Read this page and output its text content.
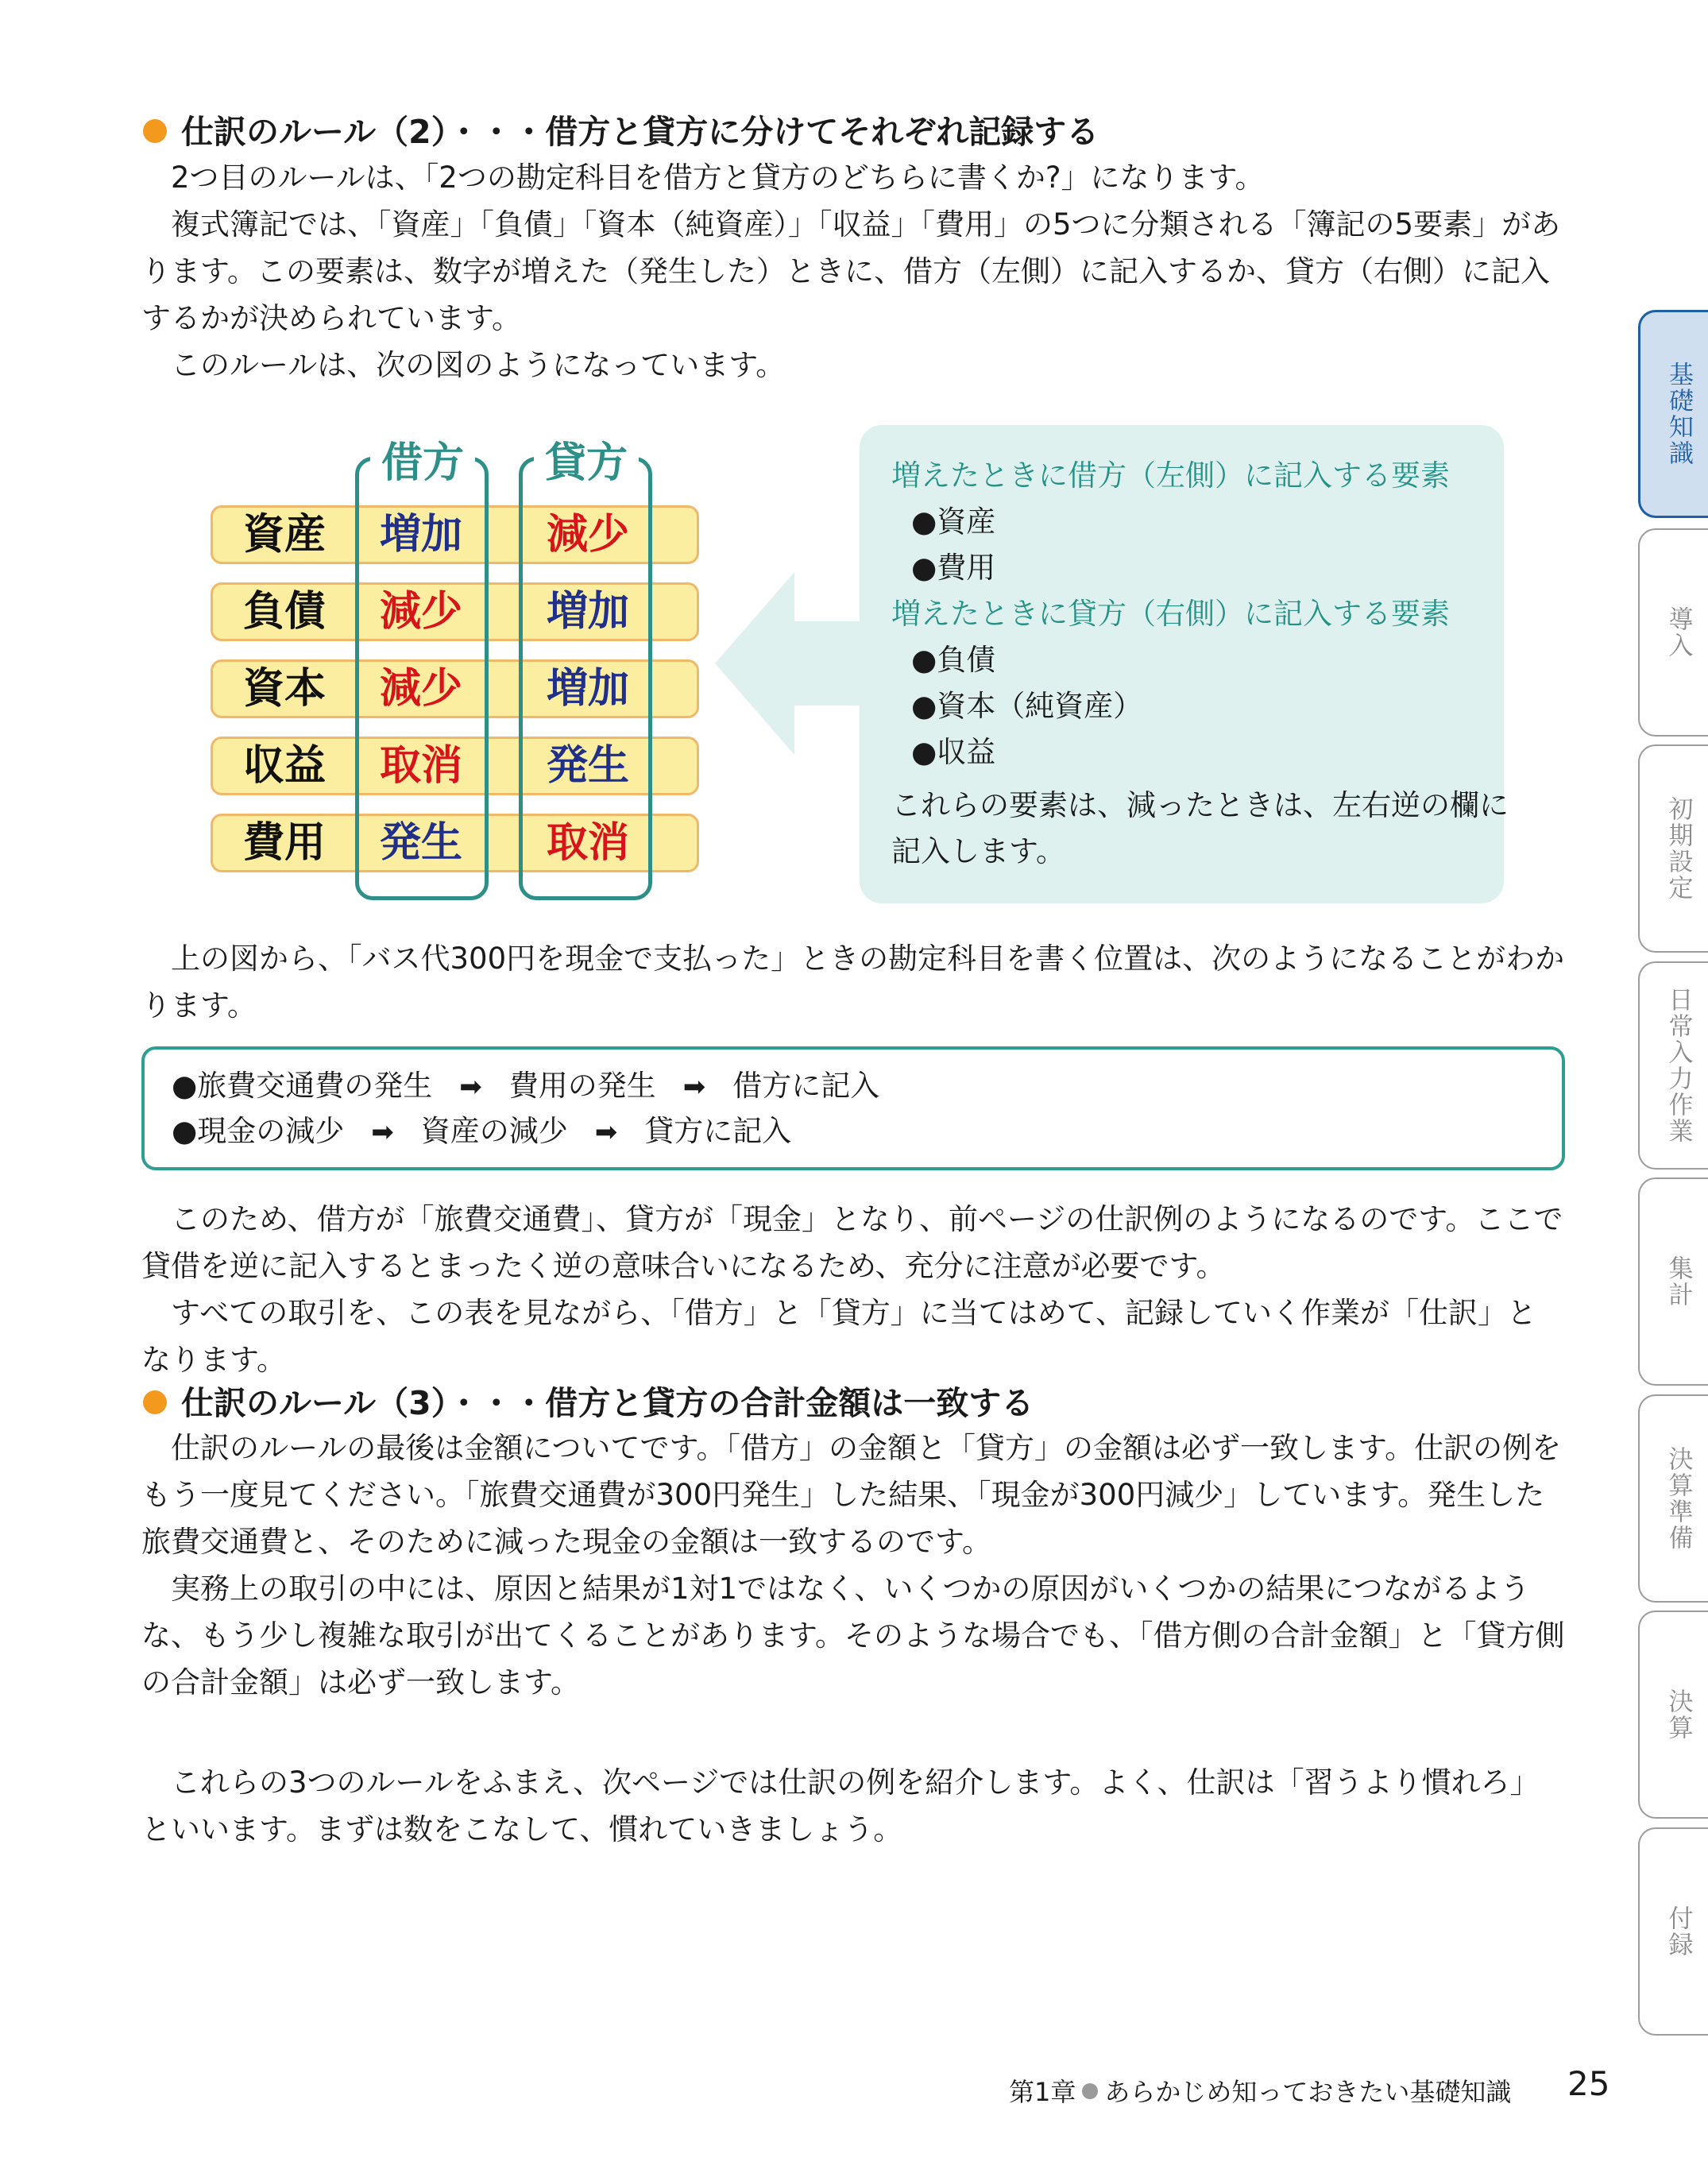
仕訳のルール（2）・・・借方と貸方に分けてそれぞれ記録する

2つ目のルールは、「2つの勘定科目を借方と貸方のどちらに書くか?」になります。

複式簿記では、「資産」「負債」「資本（純資産）」「収益」「費用」の5つに分類される「簿記の5要素」があります。この要素は、数字が増えた（発生した）ときに、借方（左側）に記入するか、貸方（右側）に記入するかが決められています。

このルールは、次の図のようになっています。

借方 貸方
資産	増加	減少
負債	減少	増加
資本	減少	増加
収益	取消	発生
費用	発生	取消
増えたときに借方（左側）に記入する要素
●資産
●費用
増えたときに貸方（右側）に記入する要素
●負債
●資本（純資産）
●収益
これらの要素は、減ったときは、左右逆の欄に
記入します。

上の図から、「バス代300円を現金で支払った」ときの勘定科目を書く位置は、次のようになることがわかります。

●旅費交通費の発生 ➡ 費用の発生 ➡ 借方に記入
●現金の減少 ➡ 資産の減少 ➡ 貸方に記入

このため、借方が「旅費交通費」、貸方が「現金」となり、前ページの仕訳例のようになるのです。ここで貸借を逆に記入するとまったく逆の意味合いになるため、充分に注意が必要です。

すべての取引を、この表を見ながら、「借方」と「貸方」に当てはめて、記録していく作業が「仕訳」となります。

仕訳のルール（3）・・・借方と貸方の合計金額は一致する

仕訳のルールの最後は金額についてです。「借方」の金額と「貸方」の金額は必ず一致します。仕訳の例をもう一度見てください。「旅費交通費が300円発生」した結果、「現金が300円減少」しています。発生した旅費交通費と、そのために減った現金の金額は一致するのです。

実務上の取引の中には、原因と結果が1対1ではなく、いくつかの原因がいくつかの結果につながるような、もう少し複雑な取引が出てくることがあります。そのような場合でも、「借方側の合計金額」と「貸方側の合計金額」は必ず一致します。

これらの3つのルールをふまえ、次ページでは仕訳の例を紹介します。よく、仕訳は「習うより慣れろ」といいます。まずは数をこなして、慣れていきましょう。

基礎知識
導入
初期設定
日常入力作業
集計
決算準備
決算
付録
第1章 あらかじめ知っておきたい基礎知識 25
